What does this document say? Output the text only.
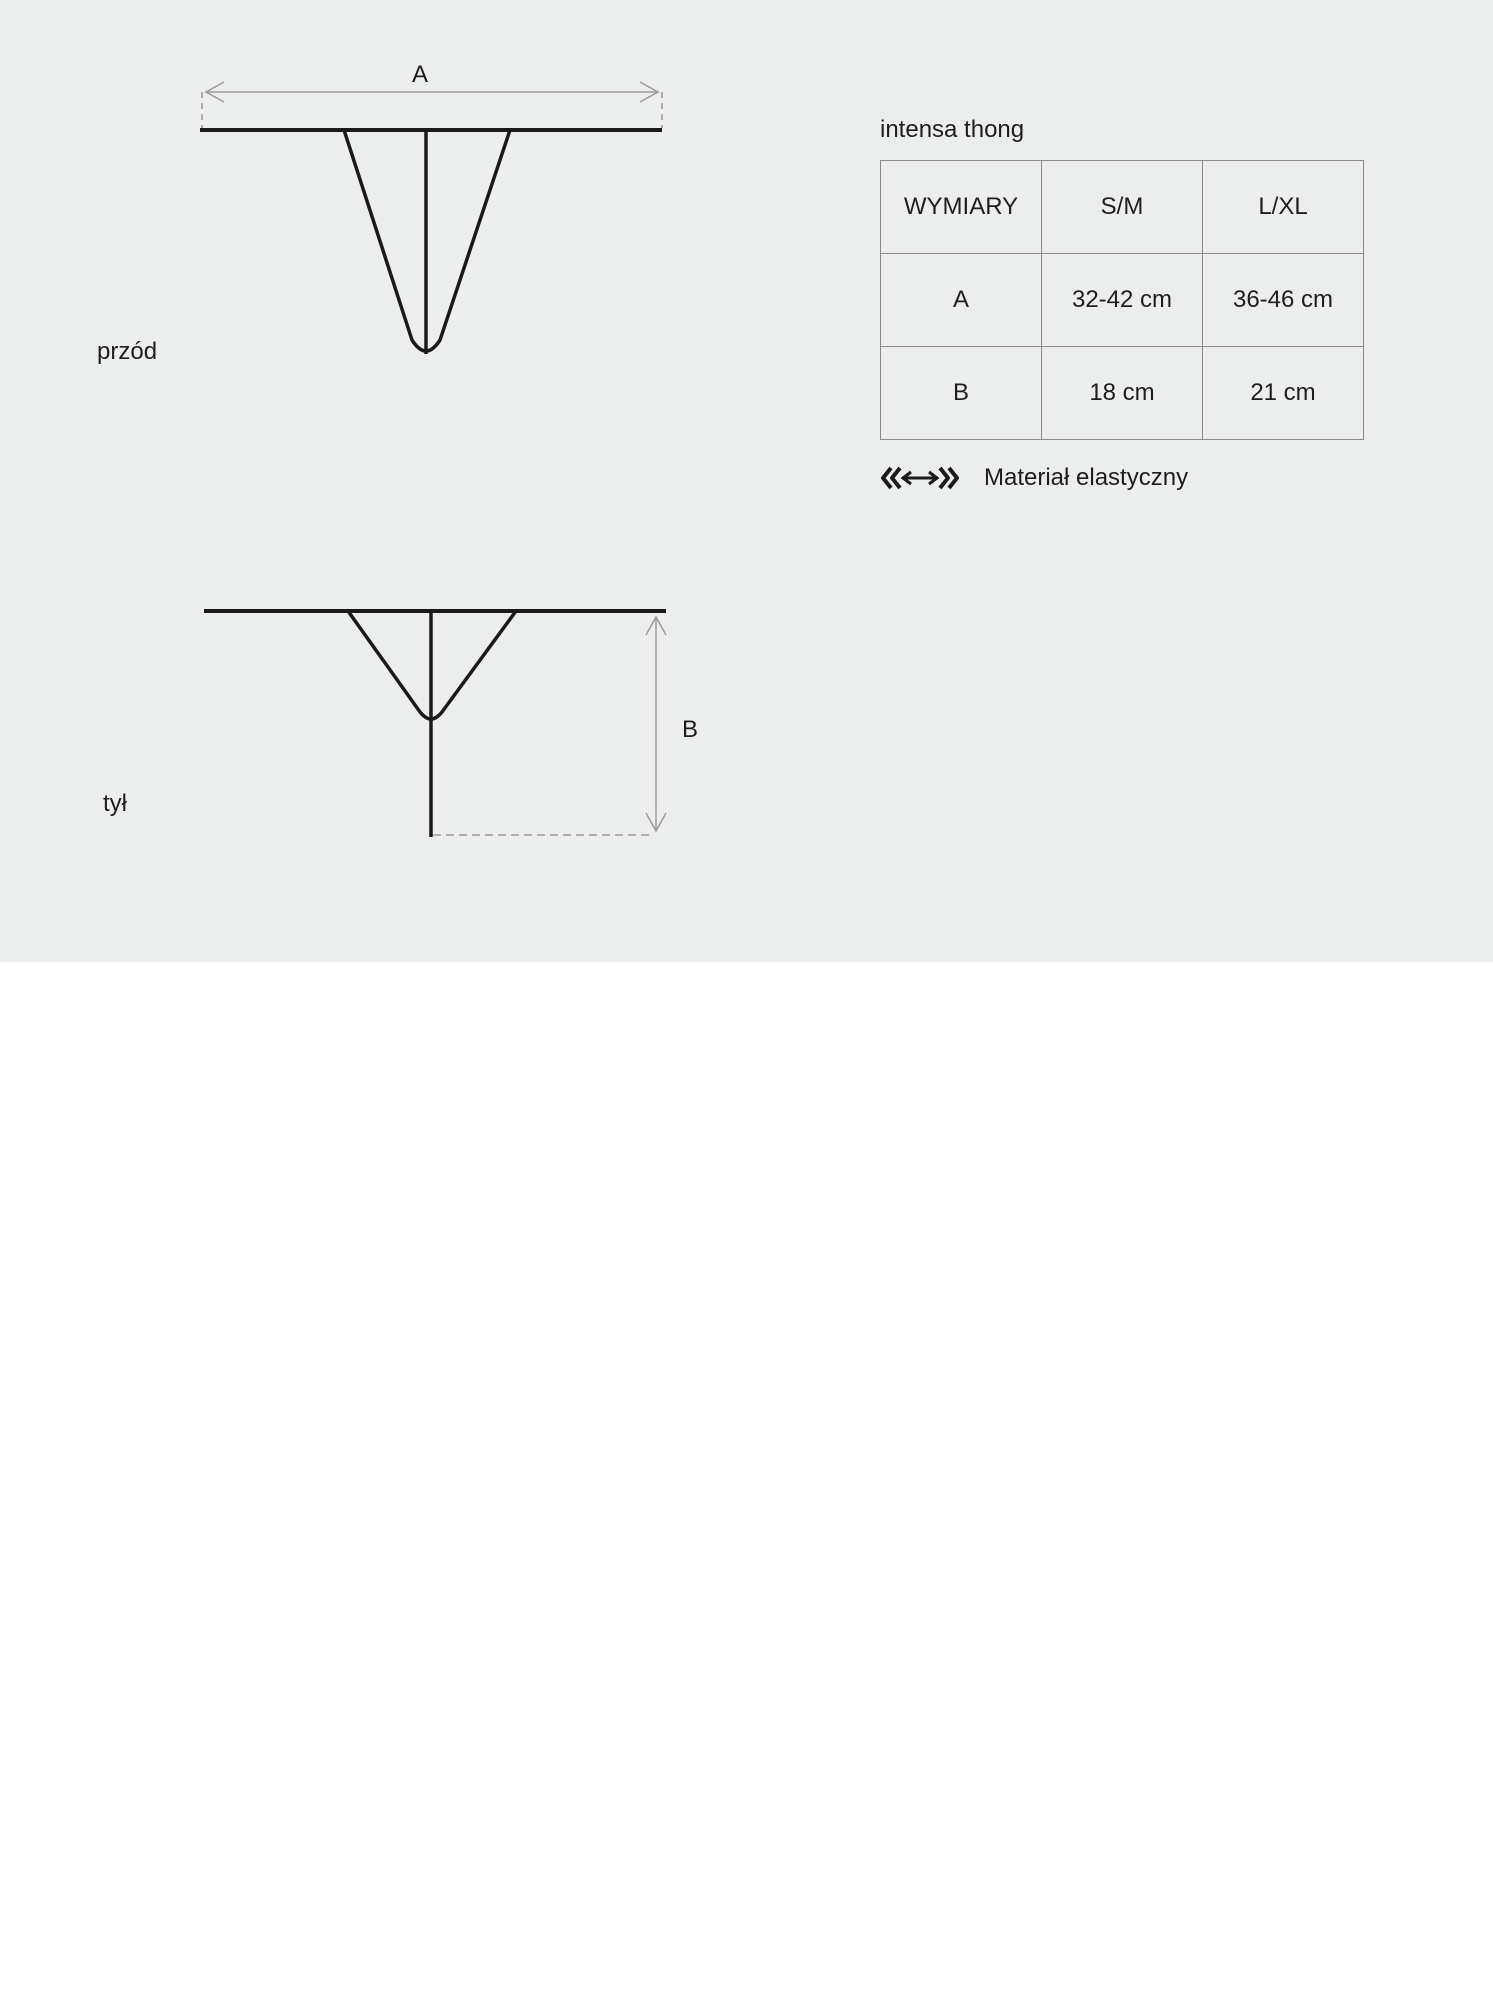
A
B
przód
tył
intensa thong
WYMIARY	S/M	L/XL
A	32-42 cm	36-46 cm
B	18 cm	21 cm
Materiał elastyczny
